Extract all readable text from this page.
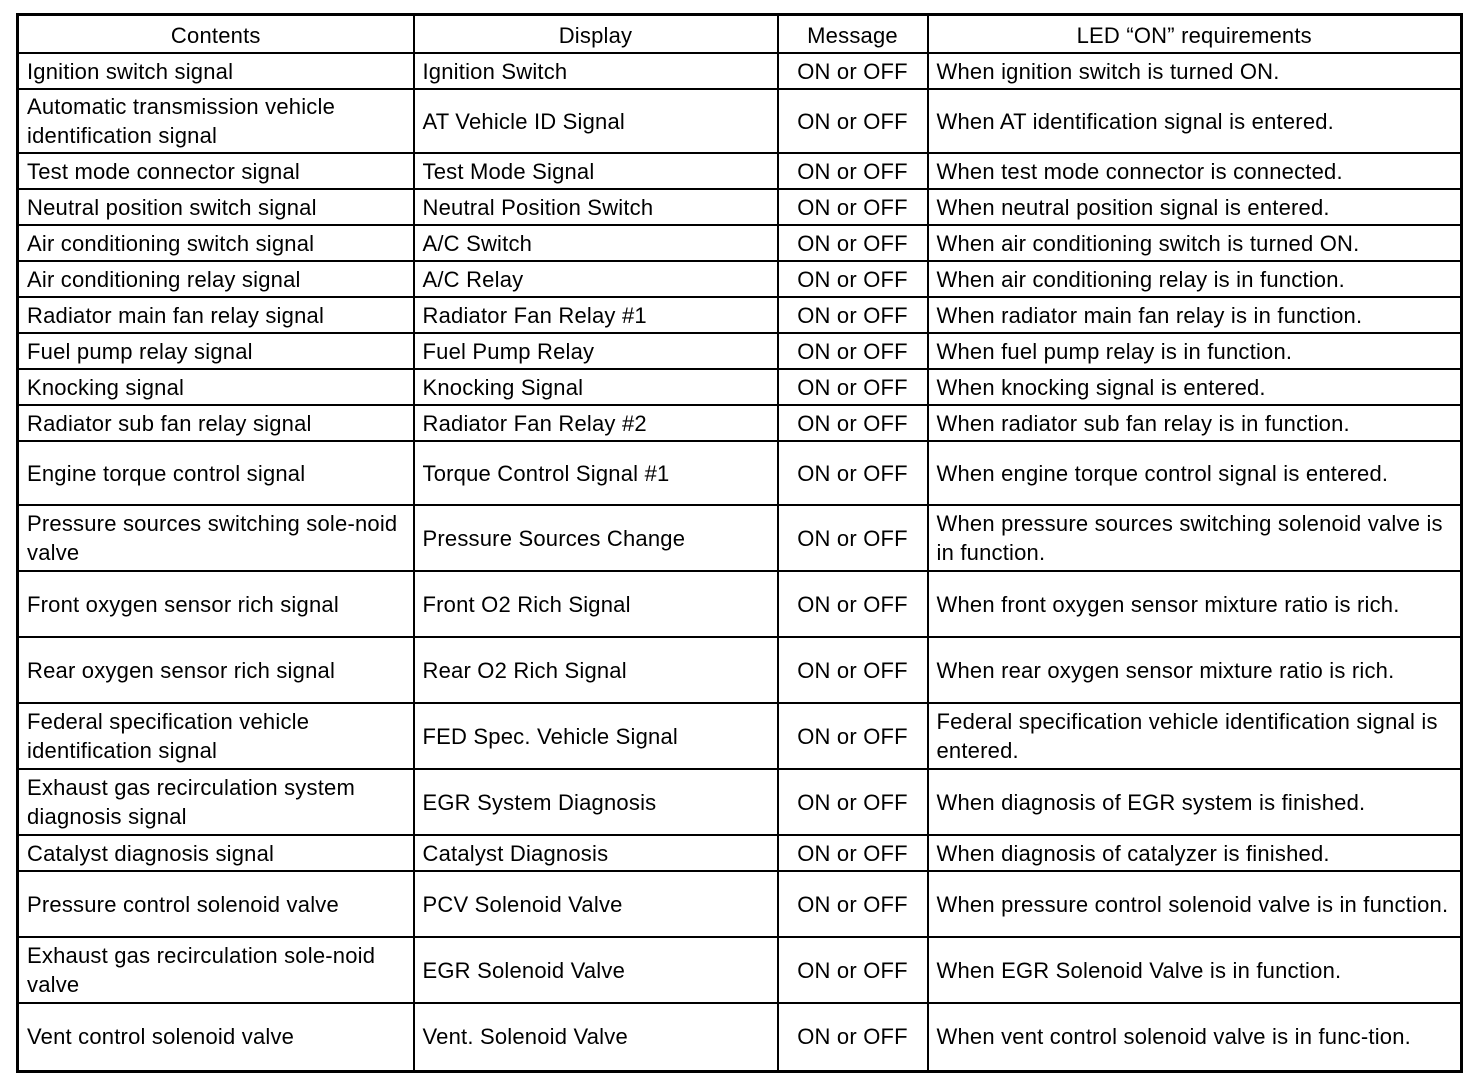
Contents	Display	Message	LED “ON” requirements
Ignition switch signal	Ignition Switch	ON or OFF	When ignition switch is turned ON.
Automatic transmission vehicle identification signal	AT Vehicle ID Signal	ON or OFF	When AT identification signal is entered.
Test mode connector signal	Test Mode Signal	ON or OFF	When test mode connector is connected.
Neutral position switch signal	Neutral Position Switch	ON or OFF	When neutral position signal is entered.
Air conditioning switch signal	A/C Switch	ON or OFF	When air conditioning switch is turned ON.
Air conditioning relay signal	A/C Relay	ON or OFF	When air conditioning relay is in function.
Radiator main fan relay signal	Radiator Fan Relay #1	ON or OFF	When radiator main fan relay is in function.
Fuel pump relay signal	Fuel Pump Relay	ON or OFF	When fuel pump relay is in function.
Knocking signal	Knocking Signal	ON or OFF	When knocking signal is entered.
Radiator sub fan relay signal	Radiator Fan Relay #2	ON or OFF	When radiator sub fan relay is in function.
Engine torque control signal	Torque Control Signal #1	ON or OFF	When engine torque control signal is entered.
Pressure sources switching sole-noid valve	Pressure Sources Change	ON or OFF	When pressure sources switching solenoid valve is in function.
Front oxygen sensor rich signal	Front O2 Rich Signal	ON or OFF	When front oxygen sensor mixture ratio is rich.
Rear oxygen sensor rich signal	Rear O2 Rich Signal	ON or OFF	When rear oxygen sensor mixture ratio is rich.
Federal specification vehicle identification signal	FED Spec. Vehicle Signal	ON or OFF	Federal specification vehicle identification signal is entered.
Exhaust gas recirculation system diagnosis signal	EGR System Diagnosis	ON or OFF	When diagnosis of EGR system is finished.
Catalyst diagnosis signal	Catalyst Diagnosis	ON or OFF	When diagnosis of catalyzer is finished.
Pressure control solenoid valve	PCV Solenoid Valve	ON or OFF	When pressure control solenoid valve is in function.
Exhaust gas recirculation sole-noid valve	EGR Solenoid Valve	ON or OFF	When EGR Solenoid Valve is in function.
Vent control solenoid valve	Vent. Solenoid Valve	ON or OFF	When vent control solenoid valve is in func-tion.
